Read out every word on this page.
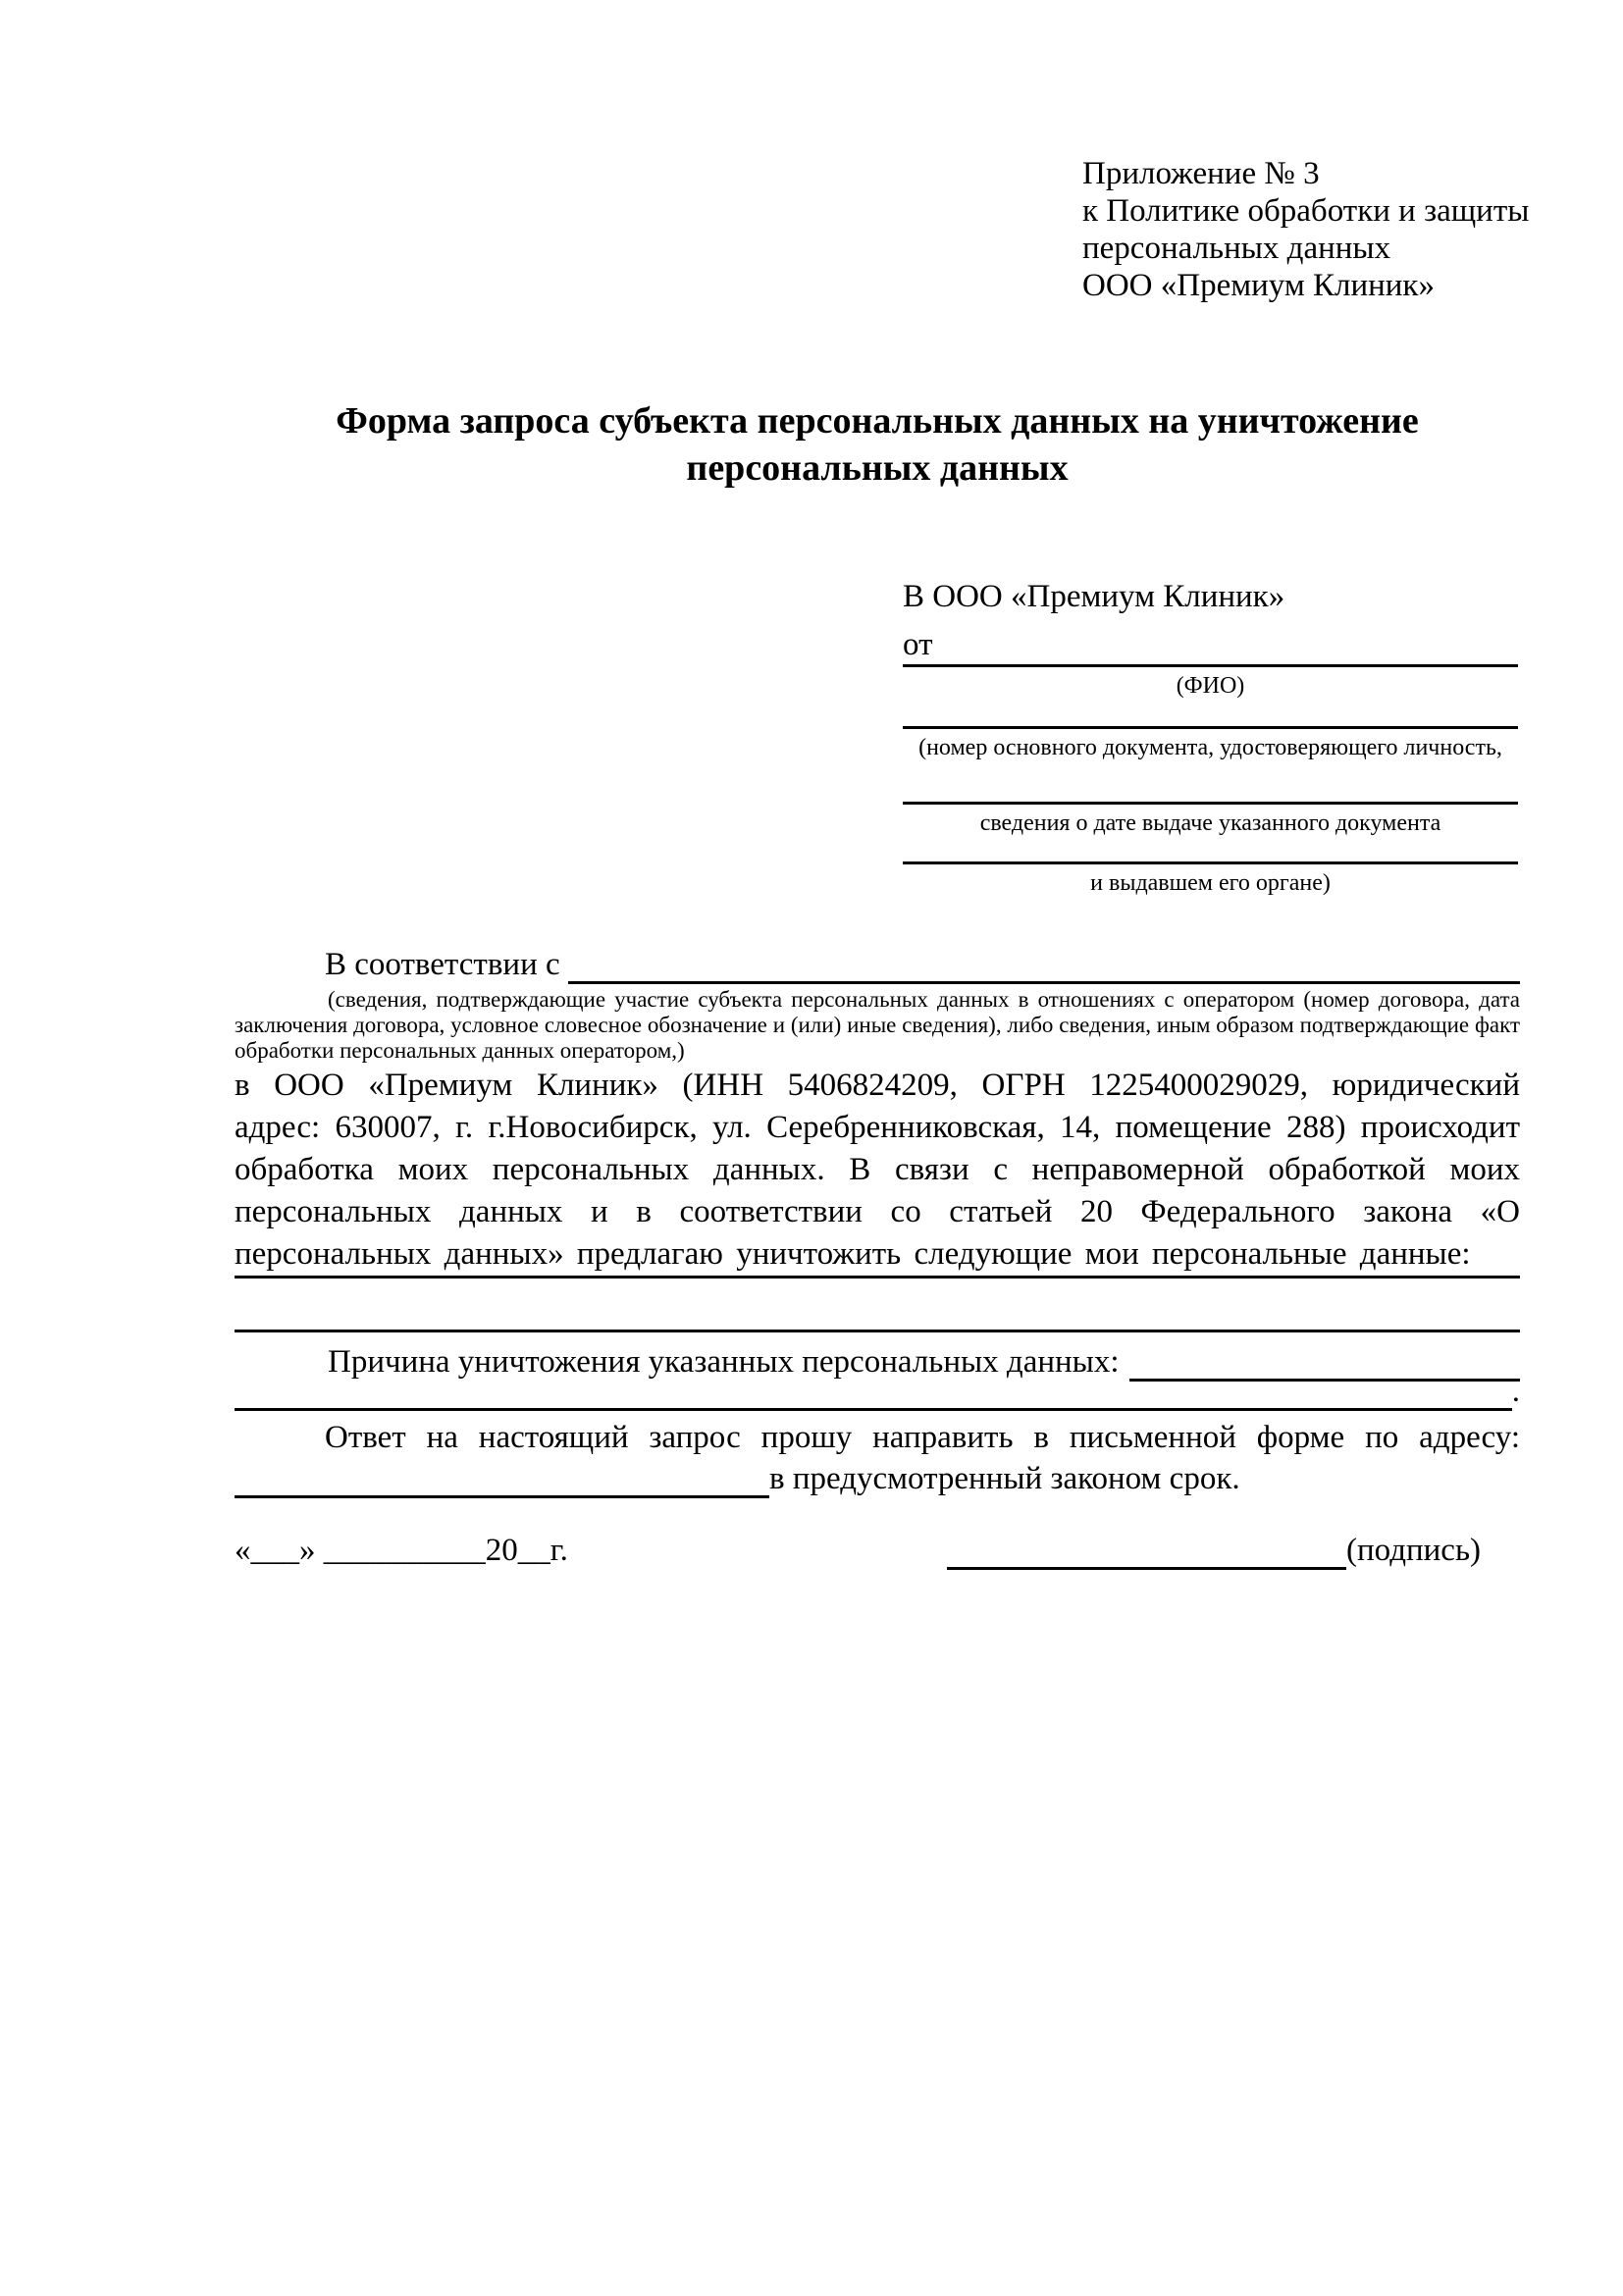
Приложение № 3
к Политике обработки и защиты
персональных данных
ООО «Премиум Клиник»
Форма запроса субъекта персональных данных на уничтожение персональных данных
В ООО «Премиум Клиник»
от
(ФИО)
(номер основного документа, удостоверяющего личность,
сведения о дате выдаче указанного документа
и выдавшем его органе)
В соответствии с
(сведения, подтверждающие участие субъекта персональных данных в отношениях с оператором (номер договора, дата заключения договора, условное словесное обозначение и (или) иные сведения), либо сведения, иным образом подтверждающие факт обработки персональных данных оператором,)
в ООО «Премиум Клиник» (ИНН 5406824209, ОГРН 1225400029029, юридический адрес: 630007, г. г.Новосибирск, ул. Серебренниковская, 14, помещение 288) происходит обработка моих персональных данных. В связи с неправомерной обработкой моих персональных данных и в соответствии со статьей 20 Федерального закона «О персональных данных» предлагаю уничтожить следующие мои персональные данные:
Причина уничтожения указанных персональных данных:
.
Ответ на настоящий запрос прошу направить в письменной форме по адресу:
в предусмотренный законом срок.
«___» __________20__г.	(подпись)
